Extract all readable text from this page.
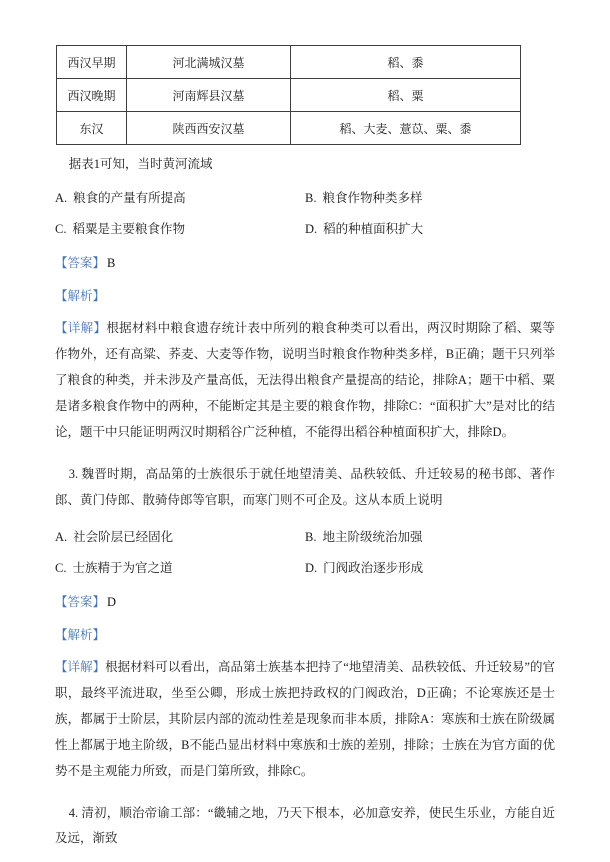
西汉早期	河北满城汉墓	稻、黍
西汉晚期	河南辉县汉墓	稻、粟
东汉	陕西西安汉墓	稻、大麦、薏苡、粟、黍

据表1可知，当时黄河流域

A. 粮食的产量有所提高	B. 粮食作物种类多样
C. 稻粟是主要粮食作物	D. 稻的种植面积扩大

【答案】 B

【解析】

【详解】根据材料中粮食遗存统计表中所列的粮食种类可以看出，两汉时期除了稻、粟等作物外，还有高粱、荞麦、大麦等作物，说明当时粮食作物种类多样，B正确；题干只列举了粮食的种类，并未涉及产量高低，无法得出粮食产量提高的结论，排除A；题干中稻、粟是诸多粮食作物中的两种，不能断定其是主要的粮食作物，排除C：“面积扩大”是对比的结论，题干中只能证明两汉时期稻谷广泛种植，不能得出稻谷种植面积扩大，排除D。

3. 魏晋时期，高品第的士族很乐于就任地望清美、品秩较低、升迁较易的秘书郎、著作郎、黄门侍郎、散骑侍郎等官职，而寒门则不可企及。这从本质上说明

A. 社会阶层已经固化	B. 地主阶级统治加强
C. 士族精于为官之道	D. 门阀政治逐步形成

【答案】 D

【解析】

【详解】根据材料可以看出，高品第士族基本把持了“地望清美、品秩较低、升迁较易”的官职，最终平流进取，坐至公卿，形成士族把持政权的门阀政治，D正确；不论寒族还是士族，都属于士阶层，其阶层内部的流动性差是现象而非本质，排除A：寒族和士族在阶级属性上都属于地主阶级，B不能凸显出材料中寒族和士族的差别，排除；士族在为官方面的优势不是主观能力所致，而是门第所致，排除C。

4. 清初，顺治帝谕工部：“畿辅之地，乃天下根本，必加意安养，使民生乐业，方能自近及远，渐致
